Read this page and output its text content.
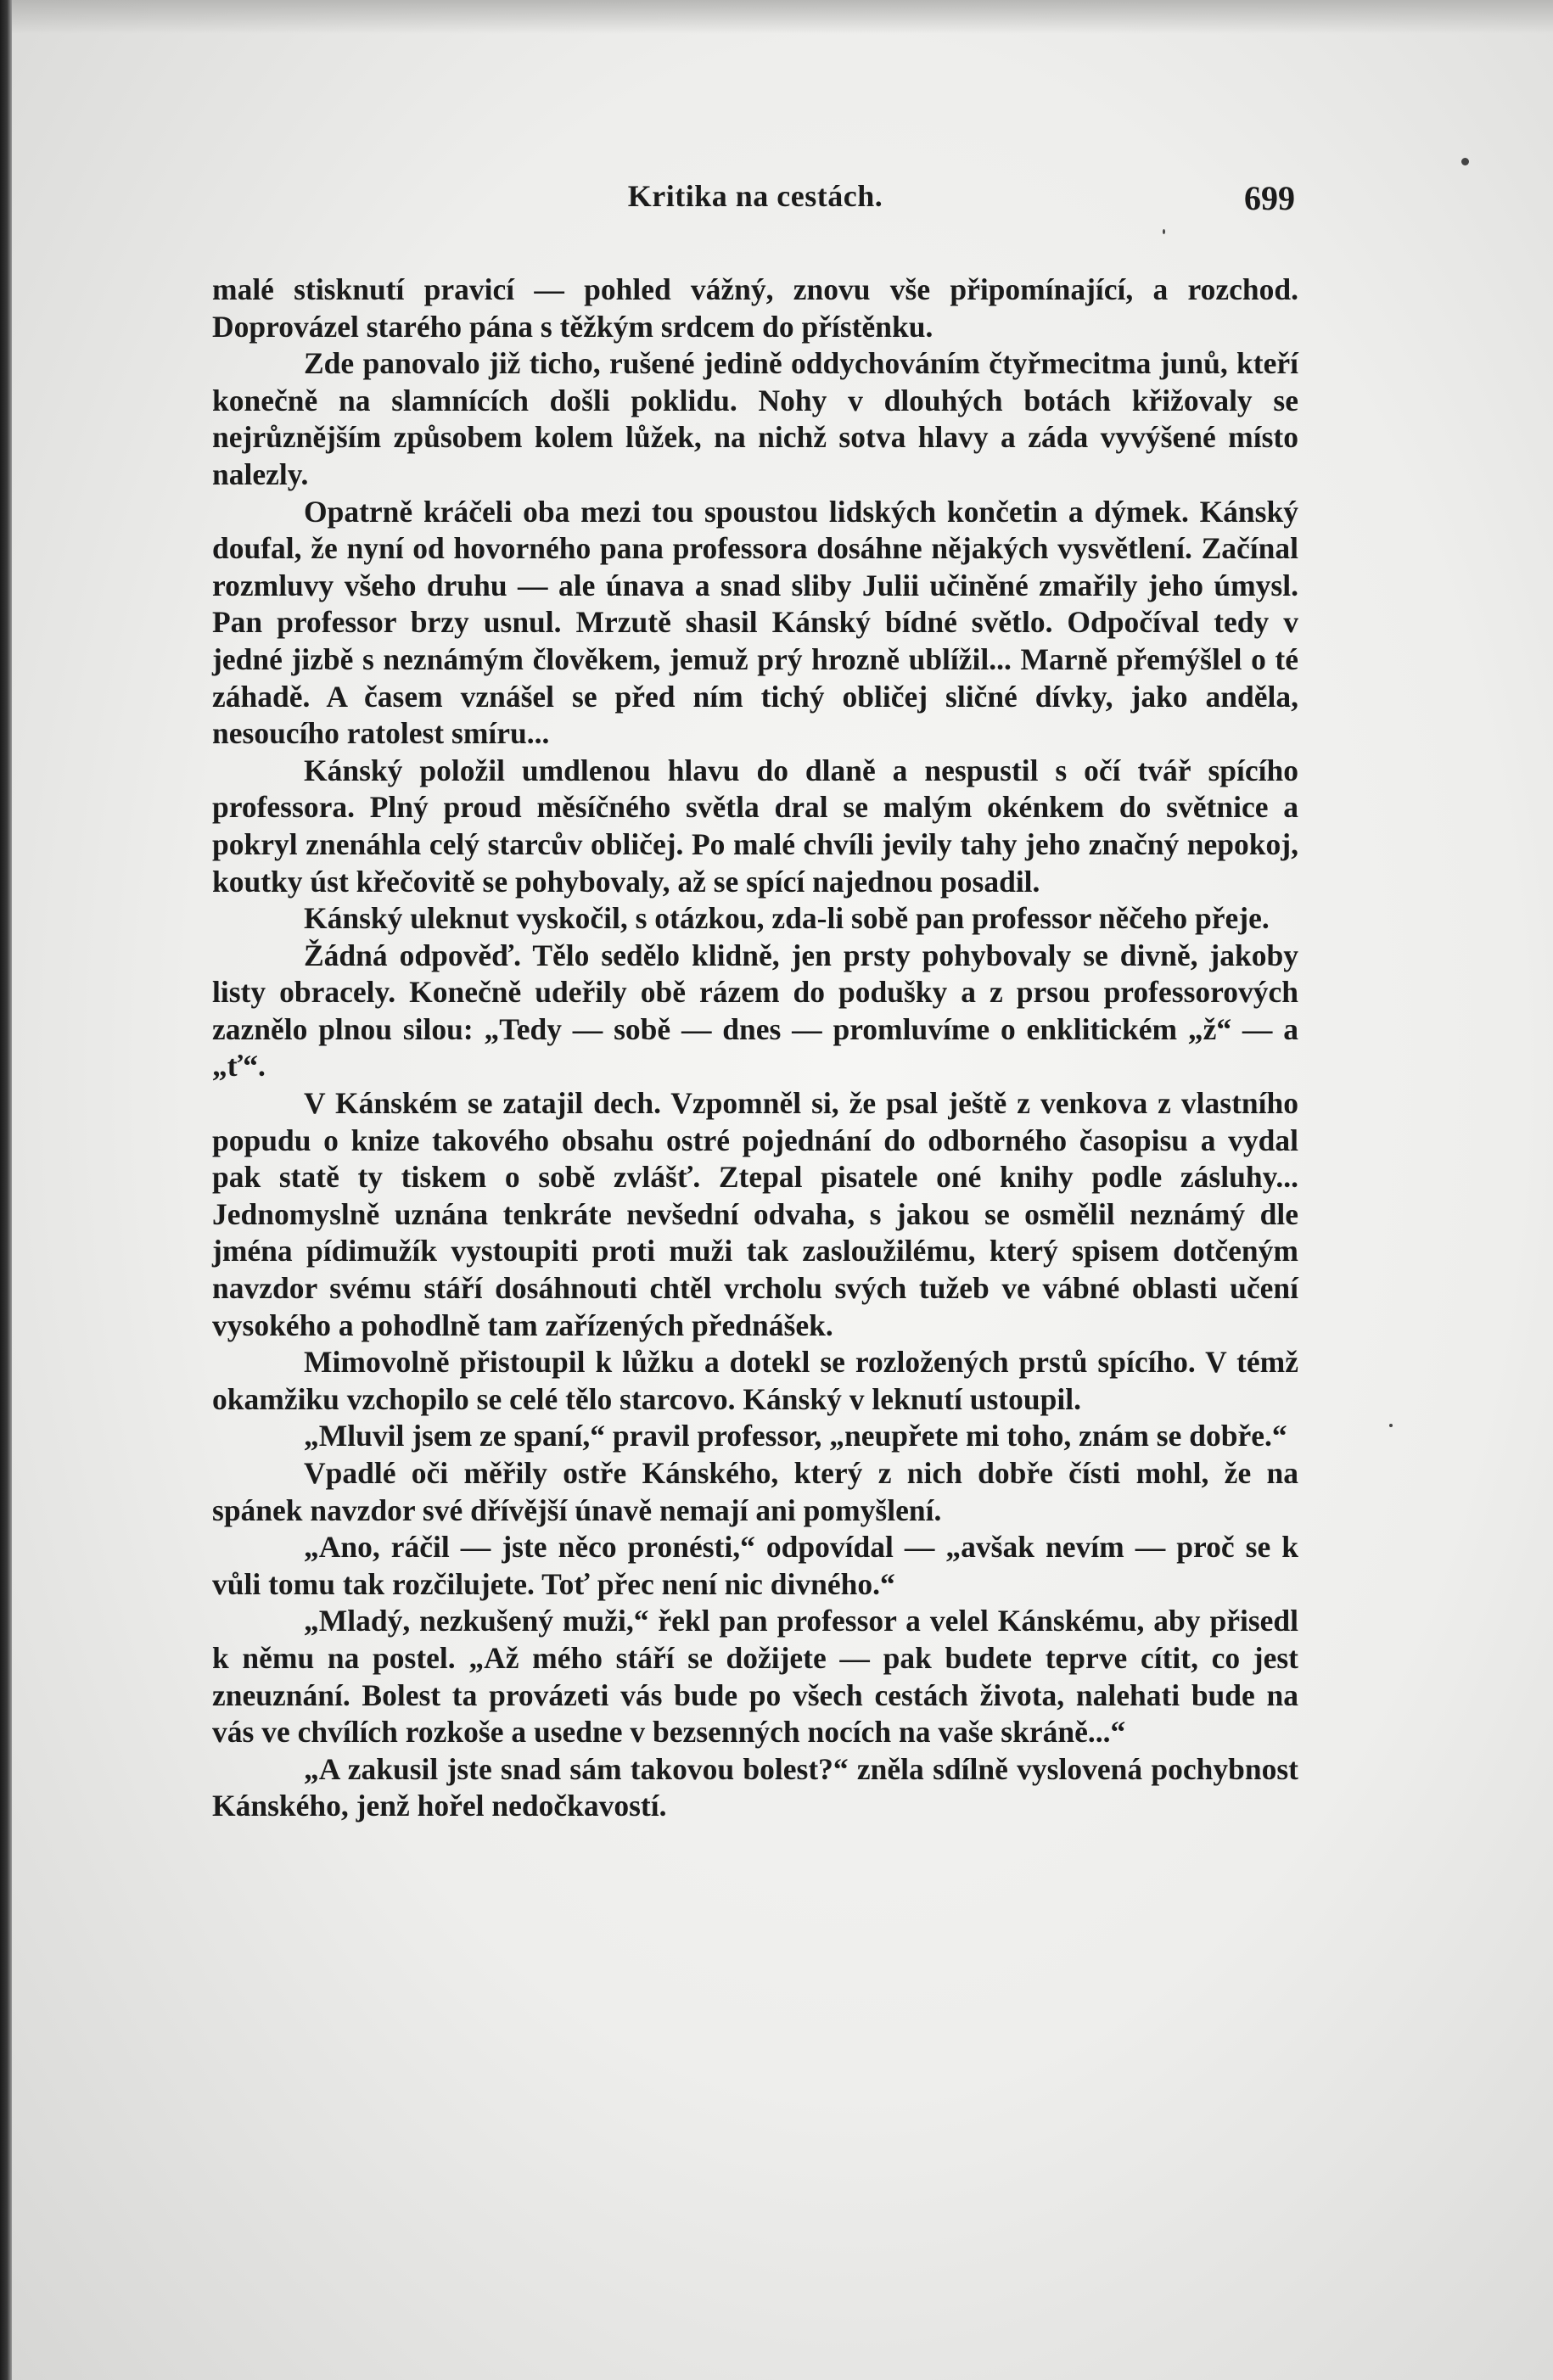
Kritika na cestách.	699

malé stisknutí pravicí — pohled vážný, znovu vše připomínající, a rozchod. Doprovázel starého pána s těžkým srdcem do přístěnku.

Zde panovalo již ticho, rušené jedině oddychováním čtyřmecitma junů, kteří konečně na slamnících došli poklidu. Nohy v dlouhých botách křižovaly se nejrůznějším způsobem kolem lůžek, na nichž sotva hlavy a záda vyvýšené místo nalezly.

Opatrně kráčeli oba mezi tou spoustou lidských končetin a dýmek. Kánský doufal, že nyní od hovorného pana professora dosáhne nějakých vysvětlení. Začínal rozmluvy všeho druhu — ale únava a snad sliby Julii učiněné zmařily jeho úmysl. Pan professor brzy usnul. Mrzutě shasil Kánský bídné světlo. Odpočíval tedy v jedné jizbě s neznámým člověkem, jemuž prý hrozně ublížil... Marně přemýšlel o té záhadě. A časem vznášel se před ním tichý obličej sličné dívky, jako anděla, nesoucího ratolest smíru...

Kánský položil umdlenou hlavu do dlaně a nespustil s očí tvář spícího professora. Plný proud měsíčného světla dral se malým okénkem do světnice a pokryl znenáhla celý starcův obličej. Po malé chvíli jevily tahy jeho značný nepokoj, koutky úst křečovitě se pohybovaly, až se spící najednou posadil.

Kánský uleknut vyskočil, s otázkou, zda-li sobě pan professor něčeho přeje.

Žádná odpověď. Tělo sedělo klidně, jen prsty pohybovaly se divně, jakoby listy obracely. Konečně udeřily obě rázem do podušky a z prsou professorových zaznělo plnou silou: „Tedy — sobě — dnes — promluvíme o enklitickém „ž“ — a „ť“.

V Kánském se zatajil dech. Vzpomněl si, že psal ještě z venkova z vlastního popudu o knize takového obsahu ostré pojednání do odborného časopisu a vydal pak statě ty tiskem o sobě zvlášť. Ztepal pisatele oné knihy podle zásluhy... Jednomyslně uznána tenkráte nevšední odvaha, s jakou se osmělil neznámý dle jména pídimužík vystoupiti proti muži tak zasloužilému, který spisem dotčeným navzdor svému stáří dosáhnouti chtěl vrcholu svých tužeb ve vábné oblasti učení vysokého a pohodlně tam zařízených přednášek.

Mimovolně přistoupil k lůžku a dotekl se rozložených prstů spícího. V témž okamžiku vzchopilo se celé tělo starcovo. Kánský v leknutí ustoupil.

„Mluvil jsem ze spaní,“ pravil professor, „neupřete mi toho, znám se dobře.“

Vpadlé oči měřily ostře Kánského, který z nich dobře čísti mohl, že na spánek navzdor své dřívější únavě nemají ani pomyšlení.

„Ano, ráčil — jste něco pronésti,“ odpovídal — „avšak nevím — proč se k vůli tomu tak rozčilujete. Toť přec není nic divného.“

„Mladý, nezkušený muži,“ řekl pan professor a velel Kánskému, aby přisedl k němu na postel. „Až mého stáří se dožijete — pak budete teprve cítit, co jest zneuznání. Bolest ta provázeti vás bude po všech cestách života, nalehati bude na vás ve chvílích rozkoše a usedne v bezsenných nocích na vaše skráně...“

„A zakusil jste snad sám takovou bolest?“ zněla sdílně vyslovená pochybnost Kánského, jenž hořel nedočkavostí.
